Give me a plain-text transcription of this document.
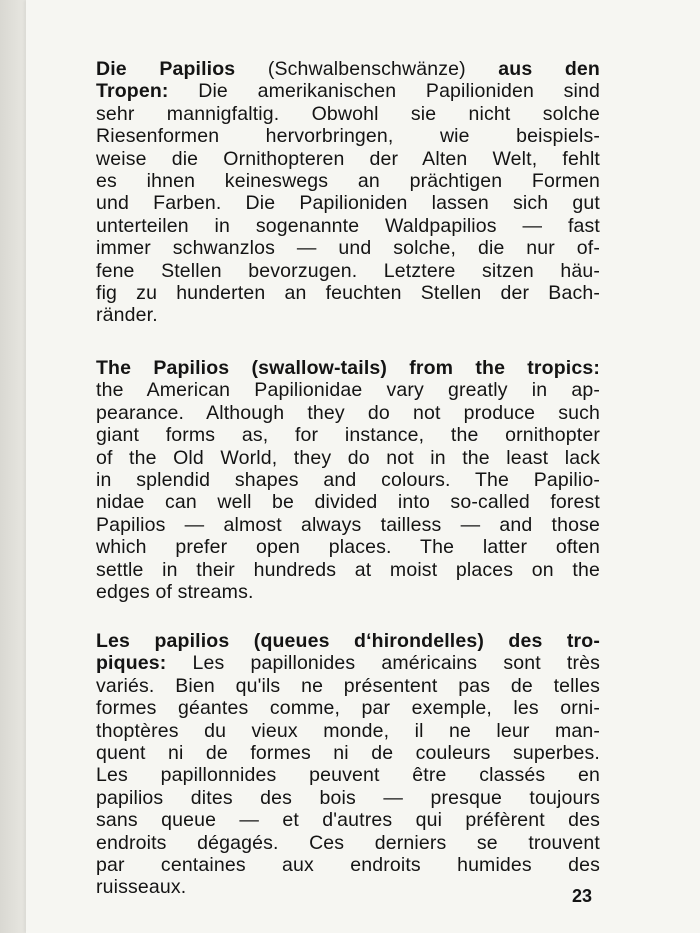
Die Papilios (Schwalbenschwänze) aus den
Tropen: Die amerikanischen Papilioniden sind
sehr mannigfaltig. Obwohl sie nicht solche
Riesenformen hervorbringen, wie beispiels-
weise die Ornithopteren der Alten Welt, fehlt
es ihnen keineswegs an prächtigen Formen
und Farben. Die Papilioniden lassen sich gut
unterteilen in sogenannte Waldpapilios — fast
immer schwanzlos — und solche, die nur of-
fene Stellen bevorzugen. Letztere sitzen häu-
fig zu hunderten an feuchten Stellen der Bach-
ränder.
The Papilios (swallow-tails) from the tropics:
the American Papilionidae vary greatly in ap-
pearance. Although they do not produce such
giant forms as, for instance, the ornithopter
of the Old World, they do not in the least lack
in splendid shapes and colours. The Papilio-
nidae can well be divided into so-called forest
Papilios — almost always tailless — and those
which prefer open places. The latter often
settle in their hundreds at moist places on the
edges of streams.
Les papilios (queues d‘hirondelles) des tro-
piques: Les papillonides américains sont très
variés. Bien qu'ils ne présentent pas de telles
formes géantes comme, par exemple, les orni-
thoptères du vieux monde, il ne leur man-
quent ni de formes ni de couleurs superbes.
Les papillonnides peuvent être classés en
papilios dites des bois — presque toujours
sans queue — et d'autres qui préfèrent des
endroits dégagés. Ces derniers se trouvent
par centaines aux endroits humides des
ruisseaux.	23
